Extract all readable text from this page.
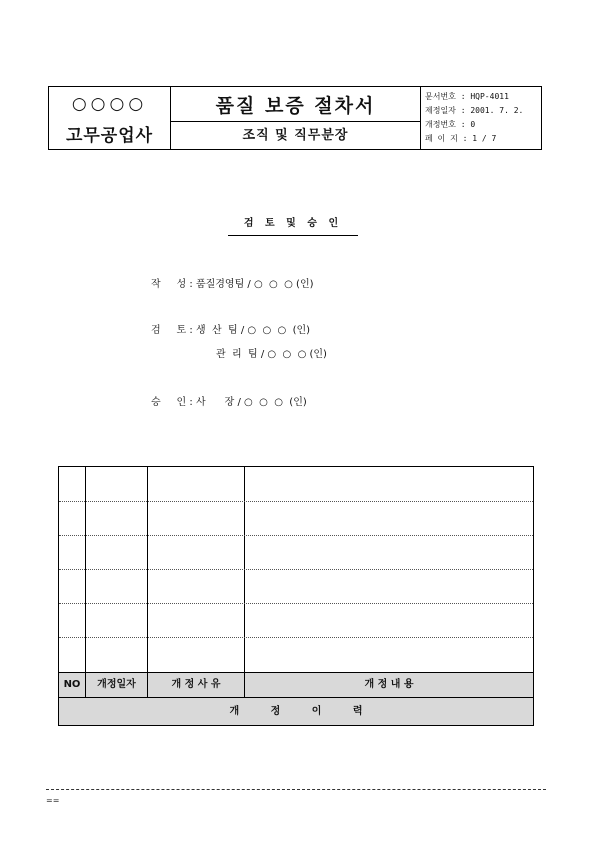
○○○○
고무공업사
품질 보증 절차서
조직 및 직무분장
문서번호 : HQP-4011
제정일자 : 2001. 7. 2.
개정번호 : 0
페 이 지 : 1 / 7
검 토 및 승 인
작     성 : 품질경영팀 / ○  ○  ○ (인)
검     토 : 생  산  팀 / ○  ○  ○  (인)
관  리  팀 / ○  ○  ○ (인)
승     인 : 사      장 / ○  ○  ○  (인)
NO	개정일자	개 정 사 유	개 정 내 용
개 정 이 력
==
